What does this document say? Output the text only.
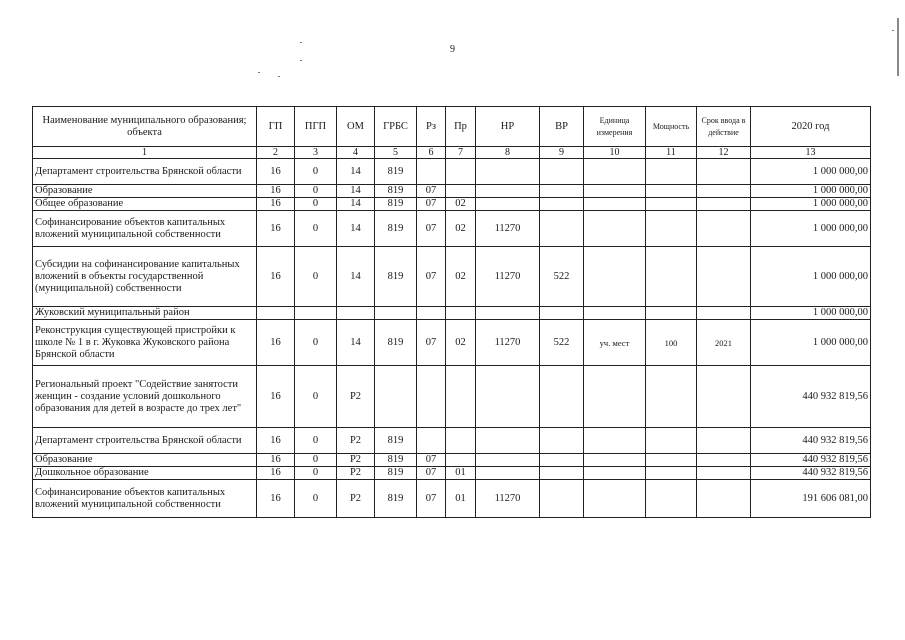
9
Наименование муниципального образования; объекта	ГП	ПГП	ОМ	ГРБС	Рз	Пр	НР	ВР	Единица измерения	Мощность	Срок ввода в действие	2020 год
1	2	3	4	5	6	7	8	9	10	11	12	13
Департамент строительства Брянской области	16	0	14	819								1 000 000,00
Образование	16	0	14	819	07							1 000 000,00
Общее образование	16	0	14	819	07	02						1 000 000,00
Софинансирование объектов капитальных вложений муниципальной собственности	16	0	14	819	07	02	11270					1 000 000,00
Субсидии на софинансирование капитальных вложений в объекты государственной (муниципальной) собственности	16	0	14	819	07	02	11270	522				1 000 000,00
Жуковский муниципальный район												1 000 000,00
Реконструкция существующей пристройки к школе № 1 в г. Жуковка Жуковского района Брянской области	16	0	14	819	07	02	11270	522	уч. мест	100	2021	1 000 000,00
Региональный проект "Содействие занятости женщин - создание условий дошкольного образования для детей в возрасте до трех лет"	16	0	P2									440 932 819,56
Департамент строительства Брянской области	16	0	P2	819								440 932 819,56
Образование	16	0	P2	819	07							440 932 819,56
Дошкольное образование	16	0	P2	819	07	01						440 932 819,56
Софинансирование объектов капитальных вложений муниципальной собственности	16	0	P2	819	07	01	11270					191 606 081,00
